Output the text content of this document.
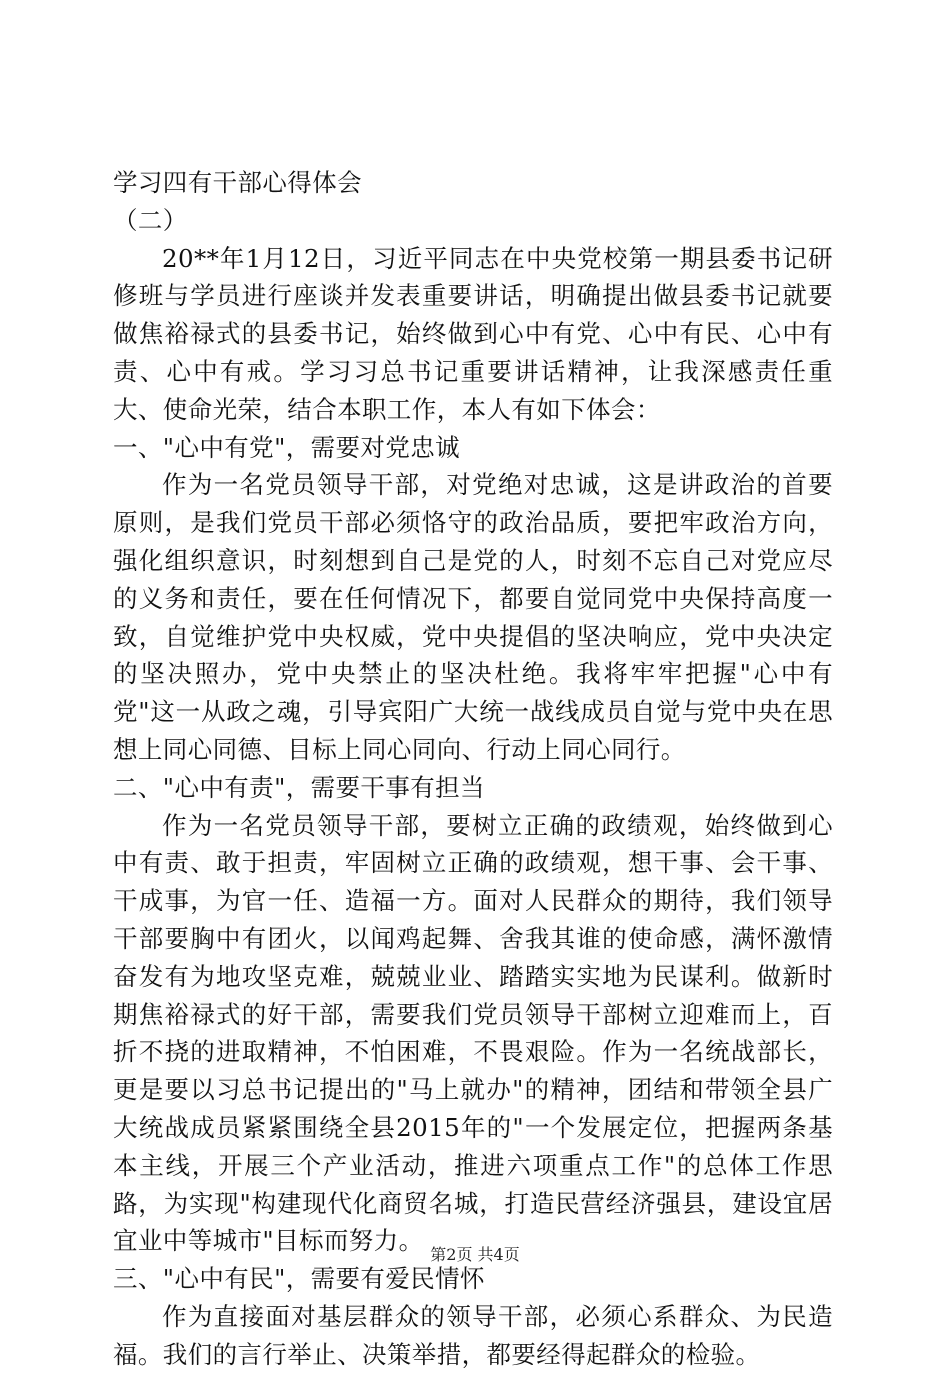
学习四有干部心得体会

（二）

20**年1月12日，习近平同志在中央党校第一期县委书记研修班与学员进行座谈并发表重要讲话，明确提出做县委书记就要做焦裕禄式的县委书记，始终做到心中有党、心中有民、心中有责、心中有戒。学习习总书记重要讲话精神，让我深感责任重大、使命光荣，结合本职工作，本人有如下体会：

一、"心中有党"，需要对党忠诚

作为一名党员领导干部，对党绝对忠诚，这是讲政治的首要原则，是我们党员干部必须恪守的政治品质，要把牢政治方向，强化组织意识，时刻想到自己是党的人，时刻不忘自己对党应尽的义务和责任，要在任何情况下，都要自觉同党中央保持高度一致，自觉维护党中央权威，党中央提倡的坚决响应，党中央决定的坚决照办，党中央禁止的坚决杜绝。我将牢牢把握"心中有党"这一从政之魂，引导宾阳广大统一战线成员自觉与党中央在思想上同心同德、目标上同心同向、行动上同心同行。

二、"心中有责"，需要干事有担当

作为一名党员领导干部，要树立正确的政绩观，始终做到心中有责、敢于担责，牢固树立正确的政绩观，想干事、会干事、干成事，为官一任、造福一方。面对人民群众的期待，我们领导干部要胸中有团火，以闻鸡起舞、舍我其谁的使命感，满怀激情奋发有为地攻坚克难，兢兢业业、踏踏实实地为民谋利。做新时期焦裕禄式的好干部，需要我们党员领导干部树立迎难而上，百折不挠的进取精神，不怕困难，不畏艰险。作为一名统战部长，更是要以习总书记提出的"马上就办"的精神，团结和带领全县广大统战成员紧紧围绕全县2015年的"一个发展定位，把握两条基本主线，开展三个产业活动，推进六项重点工作"的总体工作思路，为实现"构建现代化商贸名城，打造民营经济强县，建设宜居宜业中等城市"目标而努力。

三、"心中有民"，需要有爱民情怀

作为直接面对基层群众的领导干部，必须心系群众、为民造福。我们的言行举止、决策举措，都要经得起群众的检验。

第2页 共4页
